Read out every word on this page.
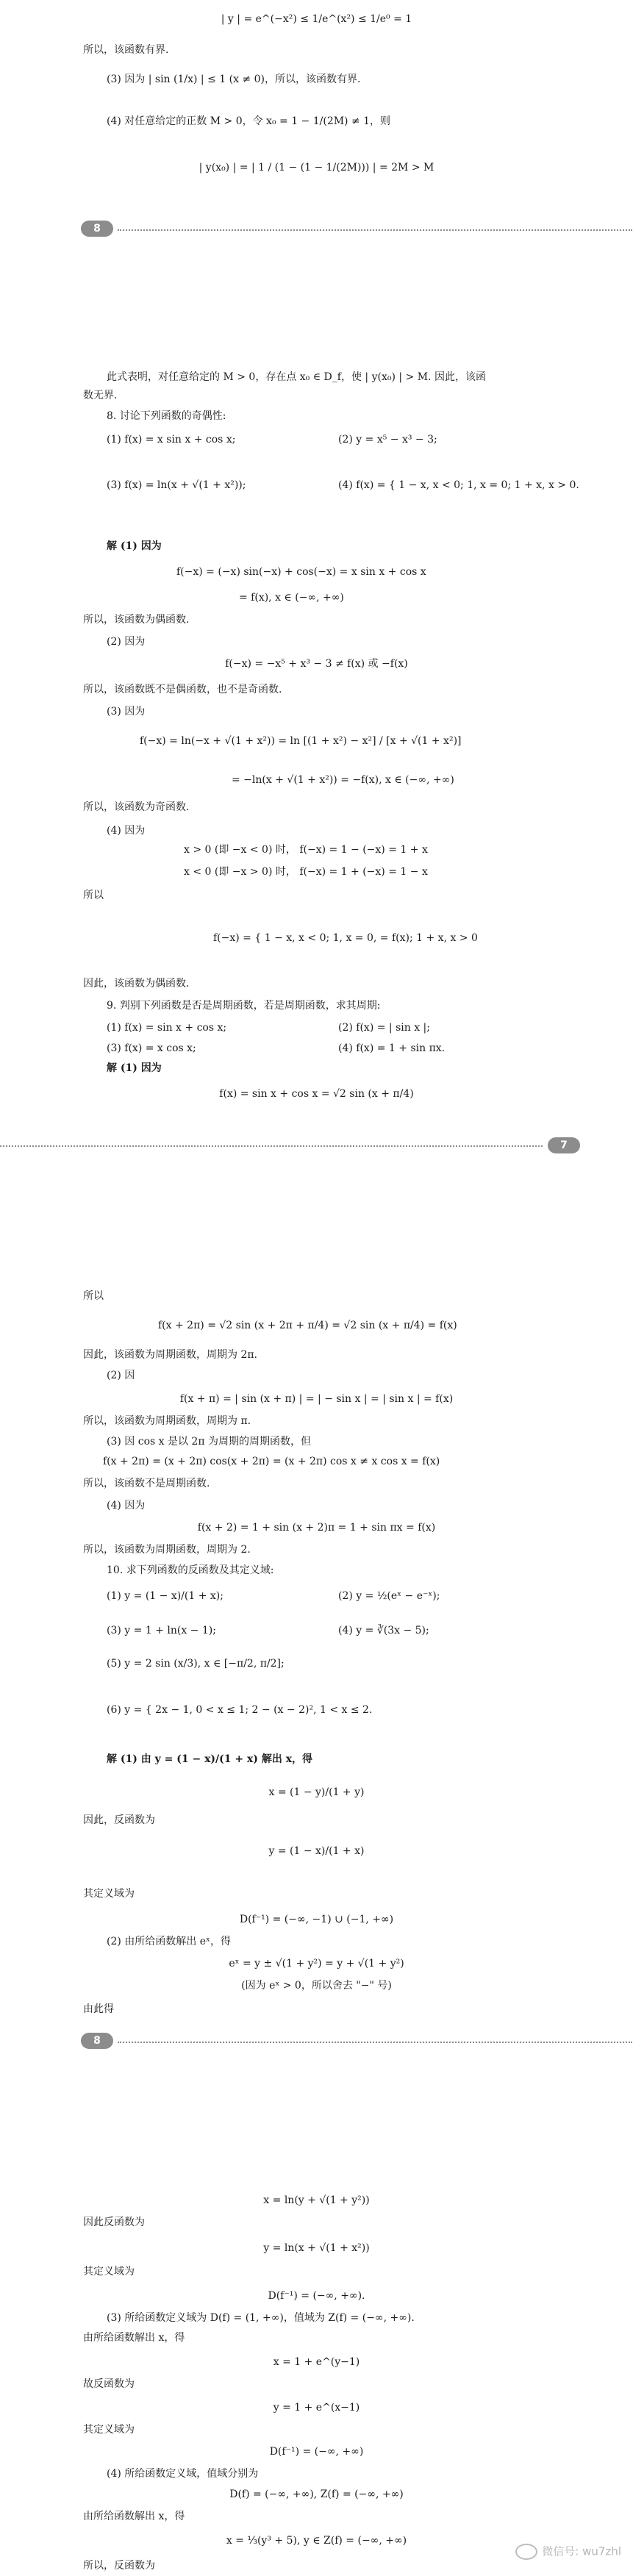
| y | = e^(−x²) ≤ 1/e^(x²) ≤ 1/e⁰ = 1
所以，该函数有界.
(3) 因为 | sin (1/x) | ≤ 1 (x ≠ 0)，所以，该函数有界.
(4) 对任意给定的正数 M > 0，令 x₀ = 1 − 1/(2M) ≠ 1，则
| y(x₀) | = | 1 / (1 − (1 − 1/(2M))) | = 2M > M
8
此式表明，对任意给定的 M > 0，存在点 x₀ ∈ D_f，使 | y(x₀) | > M. 因此，该函
数无界.
8. 讨论下列函数的奇偶性:
(1) f(x) = x sin x + cos x;	(2) y = x⁵ − x³ − 3;
(3) f(x) = ln(x + √(1 + x²));	(4) f(x) = { 1 − x, x < 0; 1, x = 0; 1 + x, x > 0.
解 (1) 因为
f(−x) = (−x) sin(−x) + cos(−x) = x sin x + cos x
= f(x), x ∈ (−∞, +∞)
所以，该函数为偶函数.
(2) 因为
f(−x) = −x⁵ + x³ − 3 ≠ f(x) 或 −f(x)
所以，该函数既不是偶函数，也不是奇函数.
(3) 因为
f(−x) = ln(−x + √(1 + x²)) = ln [(1 + x²) − x²] / [x + √(1 + x²)]
= −ln(x + √(1 + x²)) = −f(x), x ∈ (−∞, +∞)
所以，该函数为奇函数.
(4) 因为
x > 0 (即 −x < 0) 时， f(−x) = 1 − (−x) = 1 + x
x < 0 (即 −x > 0) 时， f(−x) = 1 + (−x) = 1 − x
所以
f(−x) = { 1 − x, x < 0; 1, x = 0, = f(x); 1 + x, x > 0
因此，该函数为偶函数.
9. 判别下列函数是否是周期函数，若是周期函数，求其周期:
(1) f(x) = sin x + cos x;	(2) f(x) = | sin x |;
(3) f(x) = x cos x;	(4) f(x) = 1 + sin πx.
解 (1) 因为
f(x) = sin x + cos x = √2 sin (x + π/4)
7
所以
f(x + 2π) = √2 sin (x + 2π + π/4) = √2 sin (x + π/4) = f(x)
因此，该函数为周期函数，周期为 2π.
(2) 因
f(x + π) = | sin (x + π) | = | − sin x | = | sin x | = f(x)
所以，该函数为周期函数，周期为 π.
(3) 因 cos x 是以 2π 为周期的周期函数，但
f(x + 2π) = (x + 2π) cos(x + 2π) = (x + 2π) cos x ≠ x cos x = f(x)
所以，该函数不是周期函数.
(4) 因为
f(x + 2) = 1 + sin (x + 2)π = 1 + sin πx = f(x)
所以，该函数为周期函数，周期为 2.
10. 求下列函数的反函数及其定义域:
(1) y = (1 − x)/(1 + x);	(2) y = ½(eˣ − e⁻ˣ);
(3) y = 1 + ln(x − 1);	(4) y = ∛(3x − 5);
(5) y = 2 sin (x/3), x ∈ [−π/2, π/2];
(6) y = { 2x − 1, 0 < x ≤ 1; 2 − (x − 2)², 1 < x ≤ 2.
解 (1) 由 y = (1 − x)/(1 + x) 解出 x，得
x = (1 − y)/(1 + y)
因此，反函数为
y = (1 − x)/(1 + x)
其定义域为
D(f⁻¹) = (−∞, −1) ∪ (−1, +∞)
(2) 由所给函数解出 eˣ，得
eˣ = y ± √(1 + y²) = y + √(1 + y²)
(因为 eˣ > 0，所以舍去 "−" 号)
由此得
8
x = ln(y + √(1 + y²))
因此反函数为
y = ln(x + √(1 + x²))
其定义域为
D(f⁻¹) = (−∞, +∞).
(3) 所给函数定义域为 D(f) = (1, +∞)，值域为 Z(f) = (−∞, +∞).
由所给函数解出 x，得
x = 1 + e^(y−1)
故反函数为
y = 1 + e^(x−1)
其定义域为
D(f⁻¹) = (−∞, +∞)
(4) 所给函数定义域，值域分别为
D(f) = (−∞, +∞), Z(f) = (−∞, +∞)
由所给函数解出 x，得
x = ⅓(y³ + 5), y ∈ Z(f) = (−∞, +∞)
所以，反函数为
微信号: wu7zhl
